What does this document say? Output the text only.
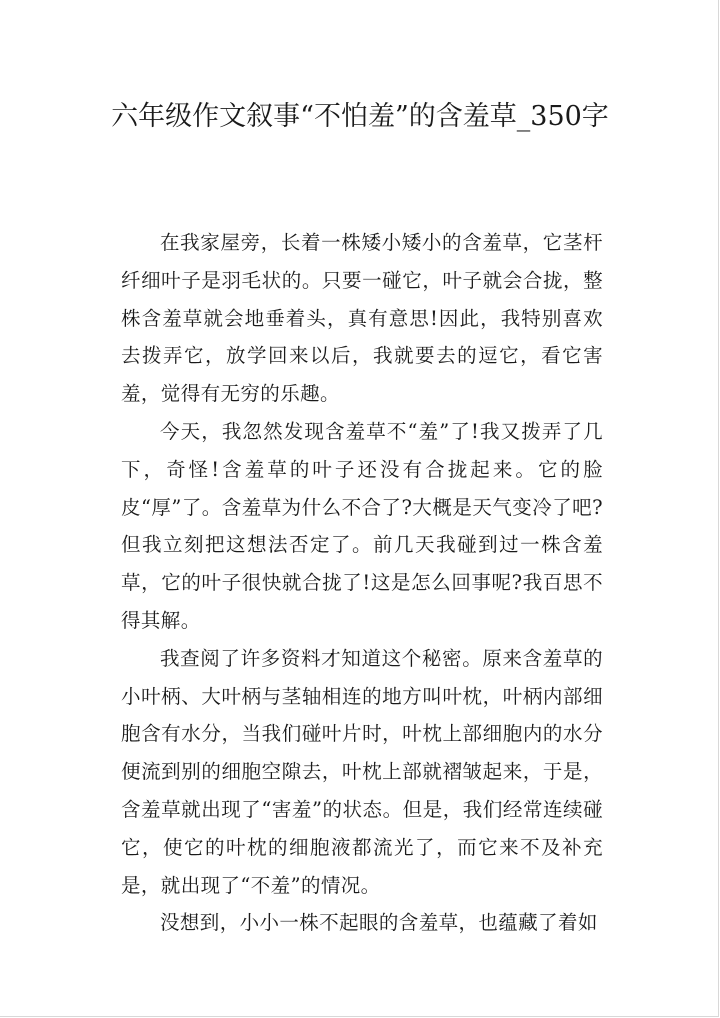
六年级作文叙事“不怕羞”的含羞草_350字

在我家屋旁，长着一株矮小矮小的含羞草，它茎杆纤细叶子是羽毛状的。只要一碰它，叶子就会合拢，整株含羞草就会地垂着头，真有意思!因此，我特别喜欢去拨弄它，放学回来以后，我就要去的逗它，看它害羞，觉得有无穷的乐趣。

今天，我忽然发现含羞草不“羞”了!我又拨弄了几下，奇怪!含羞草的叶子还没有合拢起来。它的脸皮“厚”了。含羞草为什么不合了?大概是天气变冷了吧?但我立刻把这想法否定了。前几天我碰到过一株含羞草，它的叶子很快就合拢了!这是怎么回事呢?我百思不得其解。

我查阅了许多资料才知道这个秘密。原来含羞草的小叶柄、大叶柄与茎轴相连的地方叫叶枕，叶柄内部细胞含有水分，当我们碰叶片时，叶枕上部细胞内的水分便流到别的细胞空隙去，叶枕上部就褶皱起来，于是，含羞草就出现了“害羞”的状态。但是，我们经常连续碰它，使它的叶枕的细胞液都流光了，而它来不及补充是，就出现了“不羞”的情况。

没想到，小小一株不起眼的含羞草，也蕴藏了着如
